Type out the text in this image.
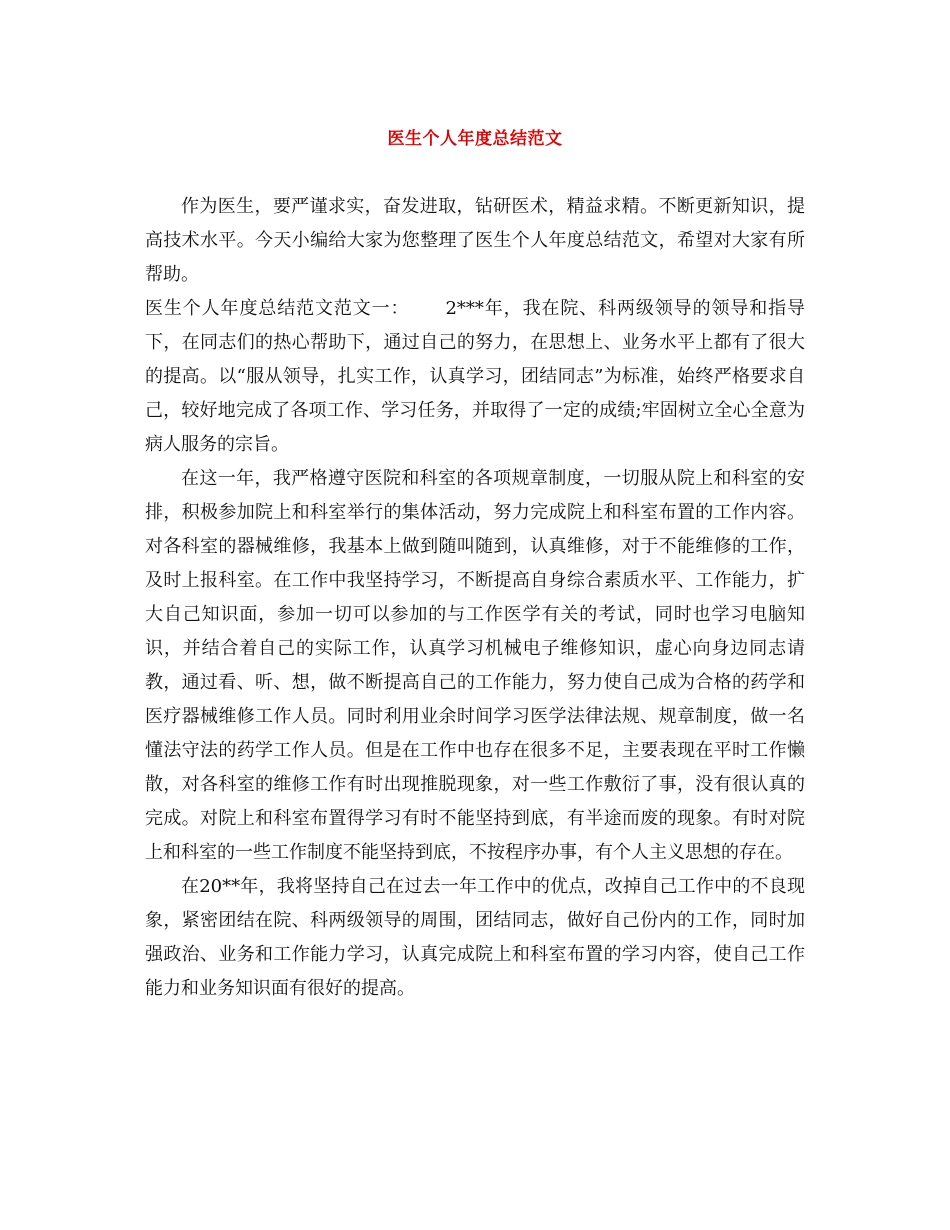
医生个人年度总结范文

作为医生，要严谨求实，奋发进取，钻研医术，精益求精。不断更新知识，提高技术水平。今天小编给大家为您整理了医生个人年度总结范文，希望对大家有所帮助。

医生个人年度总结范文范文一： 2***年，我在院、科两级领导的领导和指导下，在同志们的热心帮助下，通过自己的努力，在思想上、业务水平上都有了很大的提高。以“服从领导，扎实工作，认真学习，团结同志”为标准，始终严格要求自己，较好地完成了各项工作、学习任务，并取得了一定的成绩;牢固树立全心全意为病人服务的宗旨。

在这一年，我严格遵守医院和科室的各项规章制度，一切服从院上和科室的安排，积极参加院上和科室举行的集体活动，努力完成院上和科室布置的工作内容。对各科室的器械维修，我基本上做到随叫随到，认真维修，对于不能维修的工作，及时上报科室。在工作中我坚持学习，不断提高自身综合素质水平、工作能力，扩大自己知识面，参加一切可以参加的与工作医学有关的考试，同时也学习电脑知识，并结合着自己的实际工作，认真学习机械电子维修知识，虚心向身边同志请教，通过看、听、想，做不断提高自己的工作能力，努力使自己成为合格的药学和医疗器械维修工作人员。同时利用业余时间学习医学法律法规、规章制度，做一名懂法守法的药学工作人员。但是在工作中也存在很多不足，主要表现在平时工作懒散，对各科室的维修工作有时出现推脱现象，对一些工作敷衍了事，没有很认真的完成。对院上和科室布置得学习有时不能坚持到底，有半途而废的现象。有时对院上和科室的一些工作制度不能坚持到底，不按程序办事，有个人主义思想的存在。

在20**年，我将坚持自己在过去一年工作中的优点，改掉自己工作中的不良现象，紧密团结在院、科两级领导的周围，团结同志，做好自己份内的工作，同时加强政治、业务和工作能力学习，认真完成院上和科室布置的学习内容，使自己工作能力和业务知识面有很好的提高。
